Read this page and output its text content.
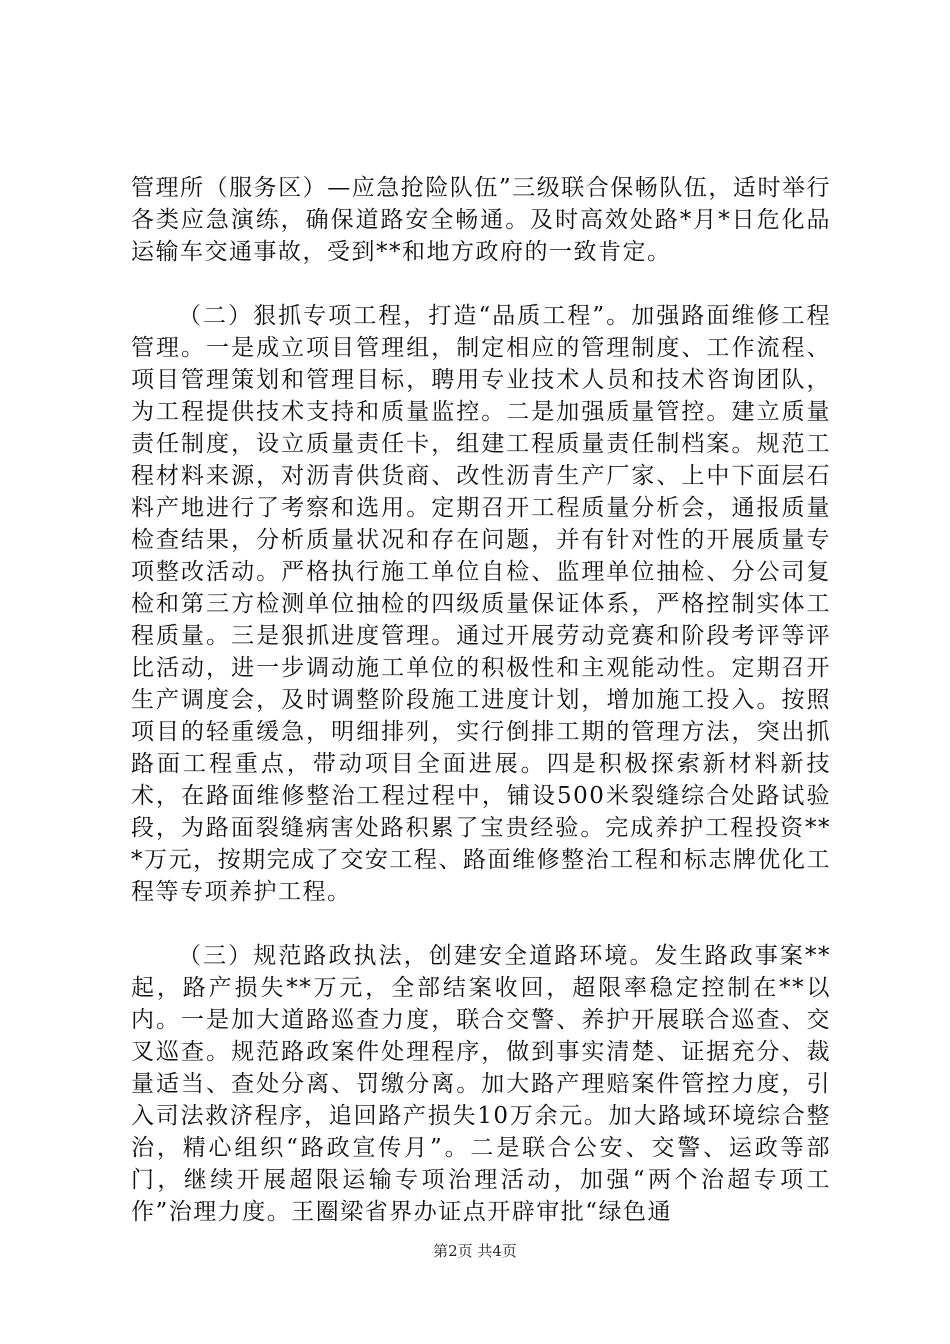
管理所（服务区）—应急抢险队伍”三级联合保畅队伍，适时举行各类应急演练，确保道路安全畅通。及时高效处路*月*日危化品运输车交通事故，受到**和地方政府的一致肯定。

（二）狠抓专项工程，打造“品质工程”。加强路面维修工程管理。一是成立项目管理组，制定相应的管理制度、工作流程、项目管理策划和管理目标，聘用专业技术人员和技术咨询团队，为工程提供技术支持和质量监控。二是加强质量管控。建立质量责任制度，设立质量责任卡，组建工程质量责任制档案。规范工程材料来源，对沥青供货商、改性沥青生产厂家、上中下面层石料产地进行了考察和选用。定期召开工程质量分析会，通报质量检查结果，分析质量状况和存在问题，并有针对性的开展质量专项整改活动。严格执行施工单位自检、监理单位抽检、分公司复检和第三方检测单位抽检的四级质量保证体系，严格控制实体工程质量。三是狠抓进度管理。通过开展劳动竞赛和阶段考评等评比活动，进一步调动施工单位的积极性和主观能动性。定期召开生产调度会，及时调整阶段施工进度计划，增加施工投入。按照项目的轻重缓急，明细排列，实行倒排工期的管理方法，突出抓路面工程重点，带动项目全面进展。四是积极探索新材料新技术，在路面维修整治工程过程中，铺设500米裂缝综合处路试验段，为路面裂缝病害处路积累了宝贵经验。完成养护工程投资***万元，按期完成了交安工程、路面维修整治工程和标志牌优化工程等专项养护工程。

（三）规范路政执法，创建安全道路环境。发生路政事案**起，路产损失**万元，全部结案收回，超限率稳定控制在**以内。一是加大道路巡查力度，联合交警、养护开展联合巡查、交叉巡查。规范路政案件处理程序，做到事实清楚、证据充分、裁量适当、查处分离、罚缴分离。加大路产理赔案件管控力度，引入司法救济程序，追回路产损失10万余元。加大路域环境综合整治，精心组织“路政宣传月”。二是联合公安、交警、运政等部门，继续开展超限运输专项治理活动，加强“两个治超专项工作”治理力度。王圈梁省界办证点开辟审批“绿色通

第2页 共4页
